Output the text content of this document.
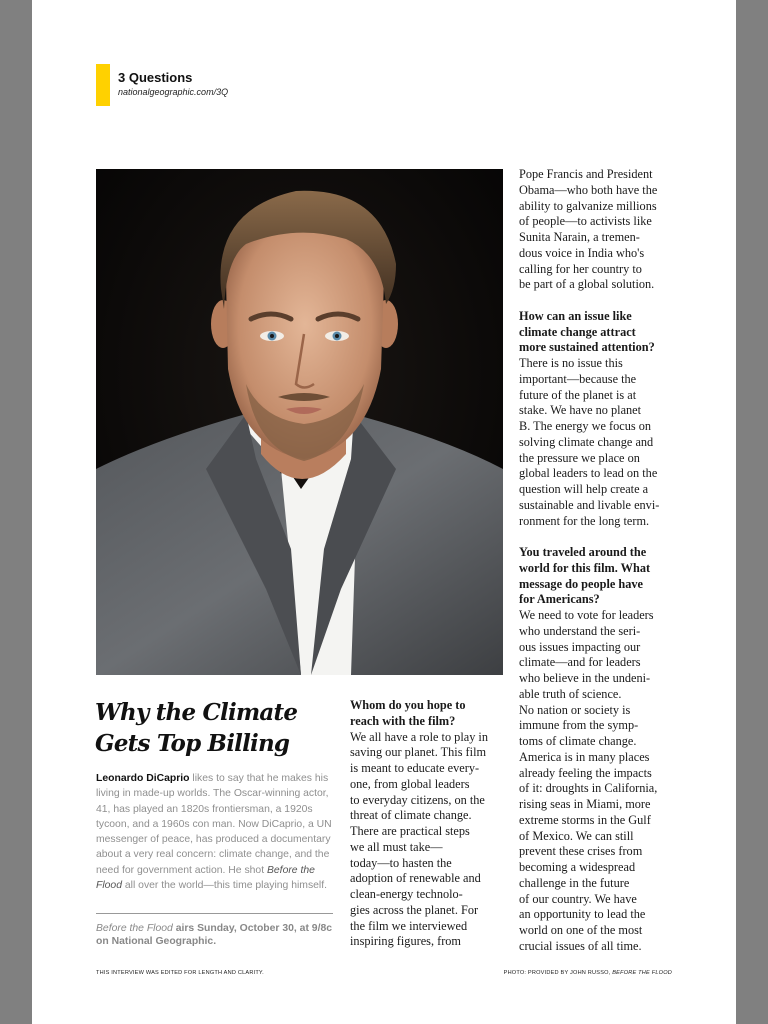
3 Questions
nationalgeographic.com/3Q
Why the Climate
Gets Top Billing
Leonardo DiCaprio likes to say that he makes his living in made-up worlds. The Oscar-winning actor, 41, has played an 1820s frontiersman, a 1920s tycoon, and a 1960s con man. Now DiCaprio, a UN messenger of peace, has produced a documentary about a very real concern: climate change, and the need for government action. He shot Before the Flood all over the world—this time playing himself.
Before the Flood airs Sunday, October 30, at 9/8c on National Geographic.
Whom do you hope to
reach with the film?
We all have a role to play in
saving our planet. This film
is meant to educate every-
one, from global leaders
to everyday citizens, on the
threat of climate change.
There are practical steps
we all must take—
today—to hasten the
adoption of renewable and
clean-energy technolo-
gies across the planet. For
the film we interviewed
inspiring figures, from
Pope Francis and President
Obama—who both have the
ability to galvanize millions
of people—to activists like
Sunita Narain, a tremen-
dous voice in India who's
calling for her country to
be part of a global solution.
How can an issue like
climate change attract
more sustained attention?
There is no issue this
important—because the
future of the planet is at
stake. We have no planet
B. The energy we focus on
solving climate change and
the pressure we place on
global leaders to lead on the
question will help create a
sustainable and livable envi-
ronment for the long term.
You traveled around the
world for this film. What
message do people have
for Americans?
We need to vote for leaders
who understand the seri-
ous issues impacting our
climate—and for leaders
who believe in the undeni-
able truth of science.
No nation or society is
immune from the symp-
toms of climate change.
America is in many places
already feeling the impacts
of it: droughts in California,
rising seas in Miami, more
extreme storms in the Gulf
of Mexico. We can still
prevent these crises from
becoming a widespread
challenge in the future
of our country. We have
an opportunity to lead the
world on one of the most
crucial issues of all time.
THIS INTERVIEW WAS EDITED FOR LENGTH AND CLARITY.	PHOTO: PROVIDED BY JOHN RUSSO, BEFORE THE FLOOD
